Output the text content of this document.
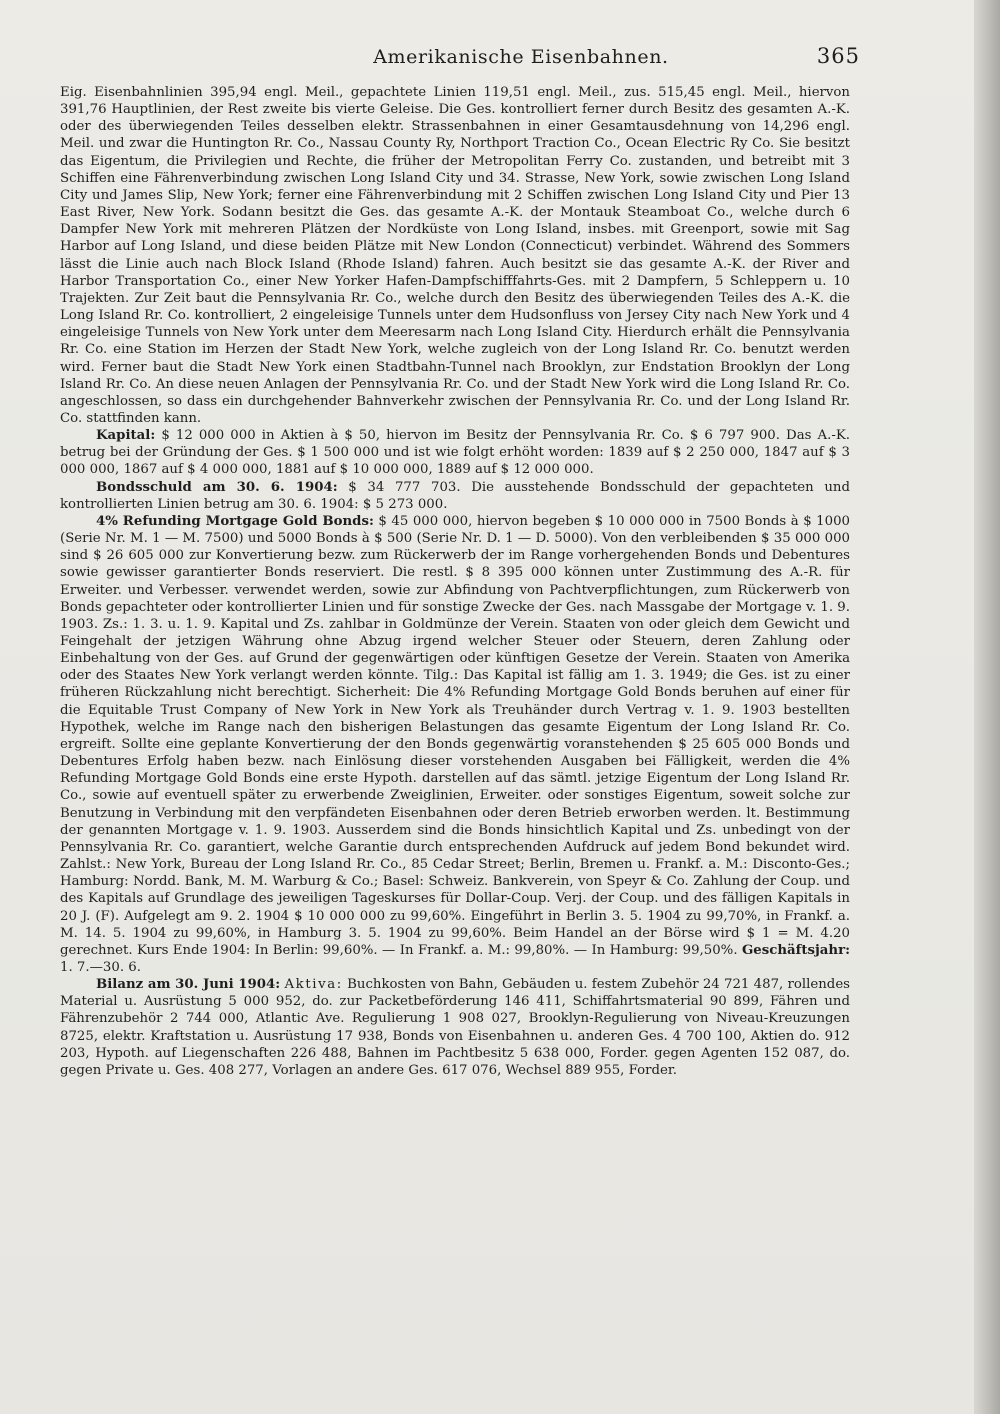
Amerikanische Eisenbahnen.	365

Eig. Eisenbahnlinien 395,94 engl. Meil., gepachtete Linien 119,51 engl. Meil., zus. 515,45 engl. Meil., hiervon 391,76 Hauptlinien, der Rest zweite bis vierte Geleise. Die Ges. kontrolliert ferner durch Besitz des gesamten A.-K. oder des überwiegenden Teiles desselben elektr. Strassenbahnen in einer Gesamtausdehnung von 14,296 engl. Meil. und zwar die Huntington Rr. Co., Nassau County Ry, Northport Traction Co., Ocean Electric Ry Co. Sie besitzt das Eigentum, die Privilegien und Rechte, die früher der Metropolitan Ferry Co. zustanden, und betreibt mit 3 Schiffen eine Fährenverbindung zwischen Long Island City und 34. Strasse, New York, sowie zwischen Long Island City und James Slip, New York; ferner eine Fährenverbindung mit 2 Schiffen zwischen Long Island City und Pier 13 East River, New York. Sodann besitzt die Ges. das gesamte A.-K. der Montauk Steamboat Co., welche durch 6 Dampfer New York mit mehreren Plätzen der Nordküste von Long Island, insbes. mit Greenport, sowie mit Sag Harbor auf Long Island, und diese beiden Plätze mit New London (Connecticut) verbindet. Während des Sommers lässt die Linie auch nach Block Island (Rhode Island) fahren. Auch besitzt sie das gesamte A.-K. der River and Harbor Transportation Co., einer New Yorker Hafen-Dampfschifffahrts-Ges. mit 2 Dampfern, 5 Schleppern u. 10 Trajekten. Zur Zeit baut die Pennsylvania Rr. Co., welche durch den Besitz des überwiegenden Teiles des A.-K. die Long Island Rr. Co. kontrolliert, 2 eingeleisige Tunnels unter dem Hudsonfluss von Jersey City nach New York und 4 eingeleisige Tunnels von New York unter dem Meeresarm nach Long Island City. Hierdurch erhält die Pennsylvania Rr. Co. eine Station im Herzen der Stadt New York, welche zugleich von der Long Island Rr. Co. benutzt werden wird. Ferner baut die Stadt New York einen Stadtbahn-Tunnel nach Brooklyn, zur Endstation Brooklyn der Long Island Rr. Co. An diese neuen Anlagen der Pennsylvania Rr. Co. und der Stadt New York wird die Long Island Rr. Co. angeschlossen, so dass ein durchgehender Bahnverkehr zwischen der Pennsylvania Rr. Co. und der Long Island Rr. Co. stattfinden kann.

Kapital: $ 12 000 000 in Aktien à $ 50, hiervon im Besitz der Pennsylvania Rr. Co. $ 6 797 900. Das A.-K. betrug bei der Gründung der Ges. $ 1 500 000 und ist wie folgt erhöht worden: 1839 auf $ 2 250 000, 1847 auf $ 3 000 000, 1867 auf $ 4 000 000, 1881 auf $ 10 000 000, 1889 auf $ 12 000 000.

Bondsschuld am 30. 6. 1904: $ 34 777 703. Die ausstehende Bondsschuld der gepachteten und kontrollierten Linien betrug am 30. 6. 1904: $ 5 273 000.

4% Refunding Mortgage Gold Bonds: $ 45 000 000, hiervon begeben $ 10 000 000 in 7500 Bonds à $ 1000 (Serie Nr. M. 1 — M. 7500) und 5000 Bonds à $ 500 (Serie Nr. D. 1 — D. 5000). Von den verbleibenden $ 35 000 000 sind $ 26 605 000 zur Konvertierung bezw. zum Rückerwerb der im Range vorhergehenden Bonds und Debentures sowie gewisser garantierter Bonds reserviert. Die restl. $ 8 395 000 können unter Zustimmung des A.-R. für Erweiter. und Verbesser. verwendet werden, sowie zur Abfindung von Pachtverpflichtungen, zum Rückerwerb von Bonds gepachteter oder kontrollierter Linien und für sonstige Zwecke der Ges. nach Massgabe der Mortgage v. 1. 9. 1903. Zs.: 1. 3. u. 1. 9. Kapital und Zs. zahlbar in Goldmünze der Verein. Staaten von oder gleich dem Gewicht und Feingehalt der jetzigen Währung ohne Abzug irgend welcher Steuer oder Steuern, deren Zahlung oder Einbehaltung von der Ges. auf Grund der gegenwärtigen oder künftigen Gesetze der Verein. Staaten von Amerika oder des Staates New York verlangt werden könnte. Tilg.: Das Kapital ist fällig am 1. 3. 1949; die Ges. ist zu einer früheren Rückzahlung nicht berechtigt. Sicherheit: Die 4% Refunding Mortgage Gold Bonds beruhen auf einer für die Equitable Trust Company of New York in New York als Treuhänder durch Vertrag v. 1. 9. 1903 bestellten Hypothek, welche im Range nach den bisherigen Belastungen das gesamte Eigentum der Long Island Rr. Co. ergreift. Sollte eine geplante Konvertierung der den Bonds gegenwärtig voranstehenden $ 25 605 000 Bonds und Debentures Erfolg haben bezw. nach Einlösung dieser vorstehenden Ausgaben bei Fälligkeit, werden die 4% Refunding Mortgage Gold Bonds eine erste Hypoth. darstellen auf das sämtl. jetzige Eigentum der Long Island Rr. Co., sowie auf eventuell später zu erwerbende Zweiglinien, Erweiter. oder sonstiges Eigentum, soweit solche zur Benutzung in Verbindung mit den verpfändeten Eisenbahnen oder deren Betrieb erworben werden. lt. Bestimmung der genannten Mortgage v. 1. 9. 1903. Ausserdem sind die Bonds hinsichtlich Kapital und Zs. unbedingt von der Pennsylvania Rr. Co. garantiert, welche Garantie durch entsprechenden Aufdruck auf jedem Bond bekundet wird. Zahlst.: New York, Bureau der Long Island Rr. Co., 85 Cedar Street; Berlin, Bremen u. Frankf. a. M.: Disconto-Ges.; Hamburg: Nordd. Bank, M. M. Warburg & Co.; Basel: Schweiz. Bankverein, von Speyr & Co. Zahlung der Coup. und des Kapitals auf Grundlage des jeweiligen Tageskurses für Dollar-Coup. Verj. der Coup. und des fälligen Kapitals in 20 J. (F). Aufgelegt am 9. 2. 1904 $ 10 000 000 zu 99,60%. Eingeführt in Berlin 3. 5. 1904 zu 99,70%, in Frankf. a. M. 14. 5. 1904 zu 99,60%, in Hamburg 3. 5. 1904 zu 99,60%. Beim Handel an der Börse wird $ 1 = M. 4.20 gerechnet. Kurs Ende 1904: In Berlin: 99,60%. — In Frankf. a. M.: 99,80%. — In Hamburg: 99,50%. Geschäftsjahr: 1. 7.—30. 6.

Bilanz am 30. Juni 1904: Aktiva: Buchkosten von Bahn, Gebäuden u. festem Zubehör 24 721 487, rollendes Material u. Ausrüstung 5 000 952, do. zur Packetbeförderung 146 411, Schiffahrtsmaterial 90 899, Fähren und Fährenzubehör 2 744 000, Atlantic Ave. Regulierung 1 908 027, Brooklyn-Regulierung von Niveau-Kreuzungen 8725, elektr. Kraftstation u. Ausrüstung 17 938, Bonds von Eisenbahnen u. anderen Ges. 4 700 100, Aktien do. 912 203, Hypoth. auf Liegenschaften 226 488, Bahnen im Pachtbesitz 5 638 000, Forder. gegen Agenten 152 087, do. gegen Private u. Ges. 408 277, Vorlagen an andere Ges. 617 076, Wechsel 889 955, Forder.
